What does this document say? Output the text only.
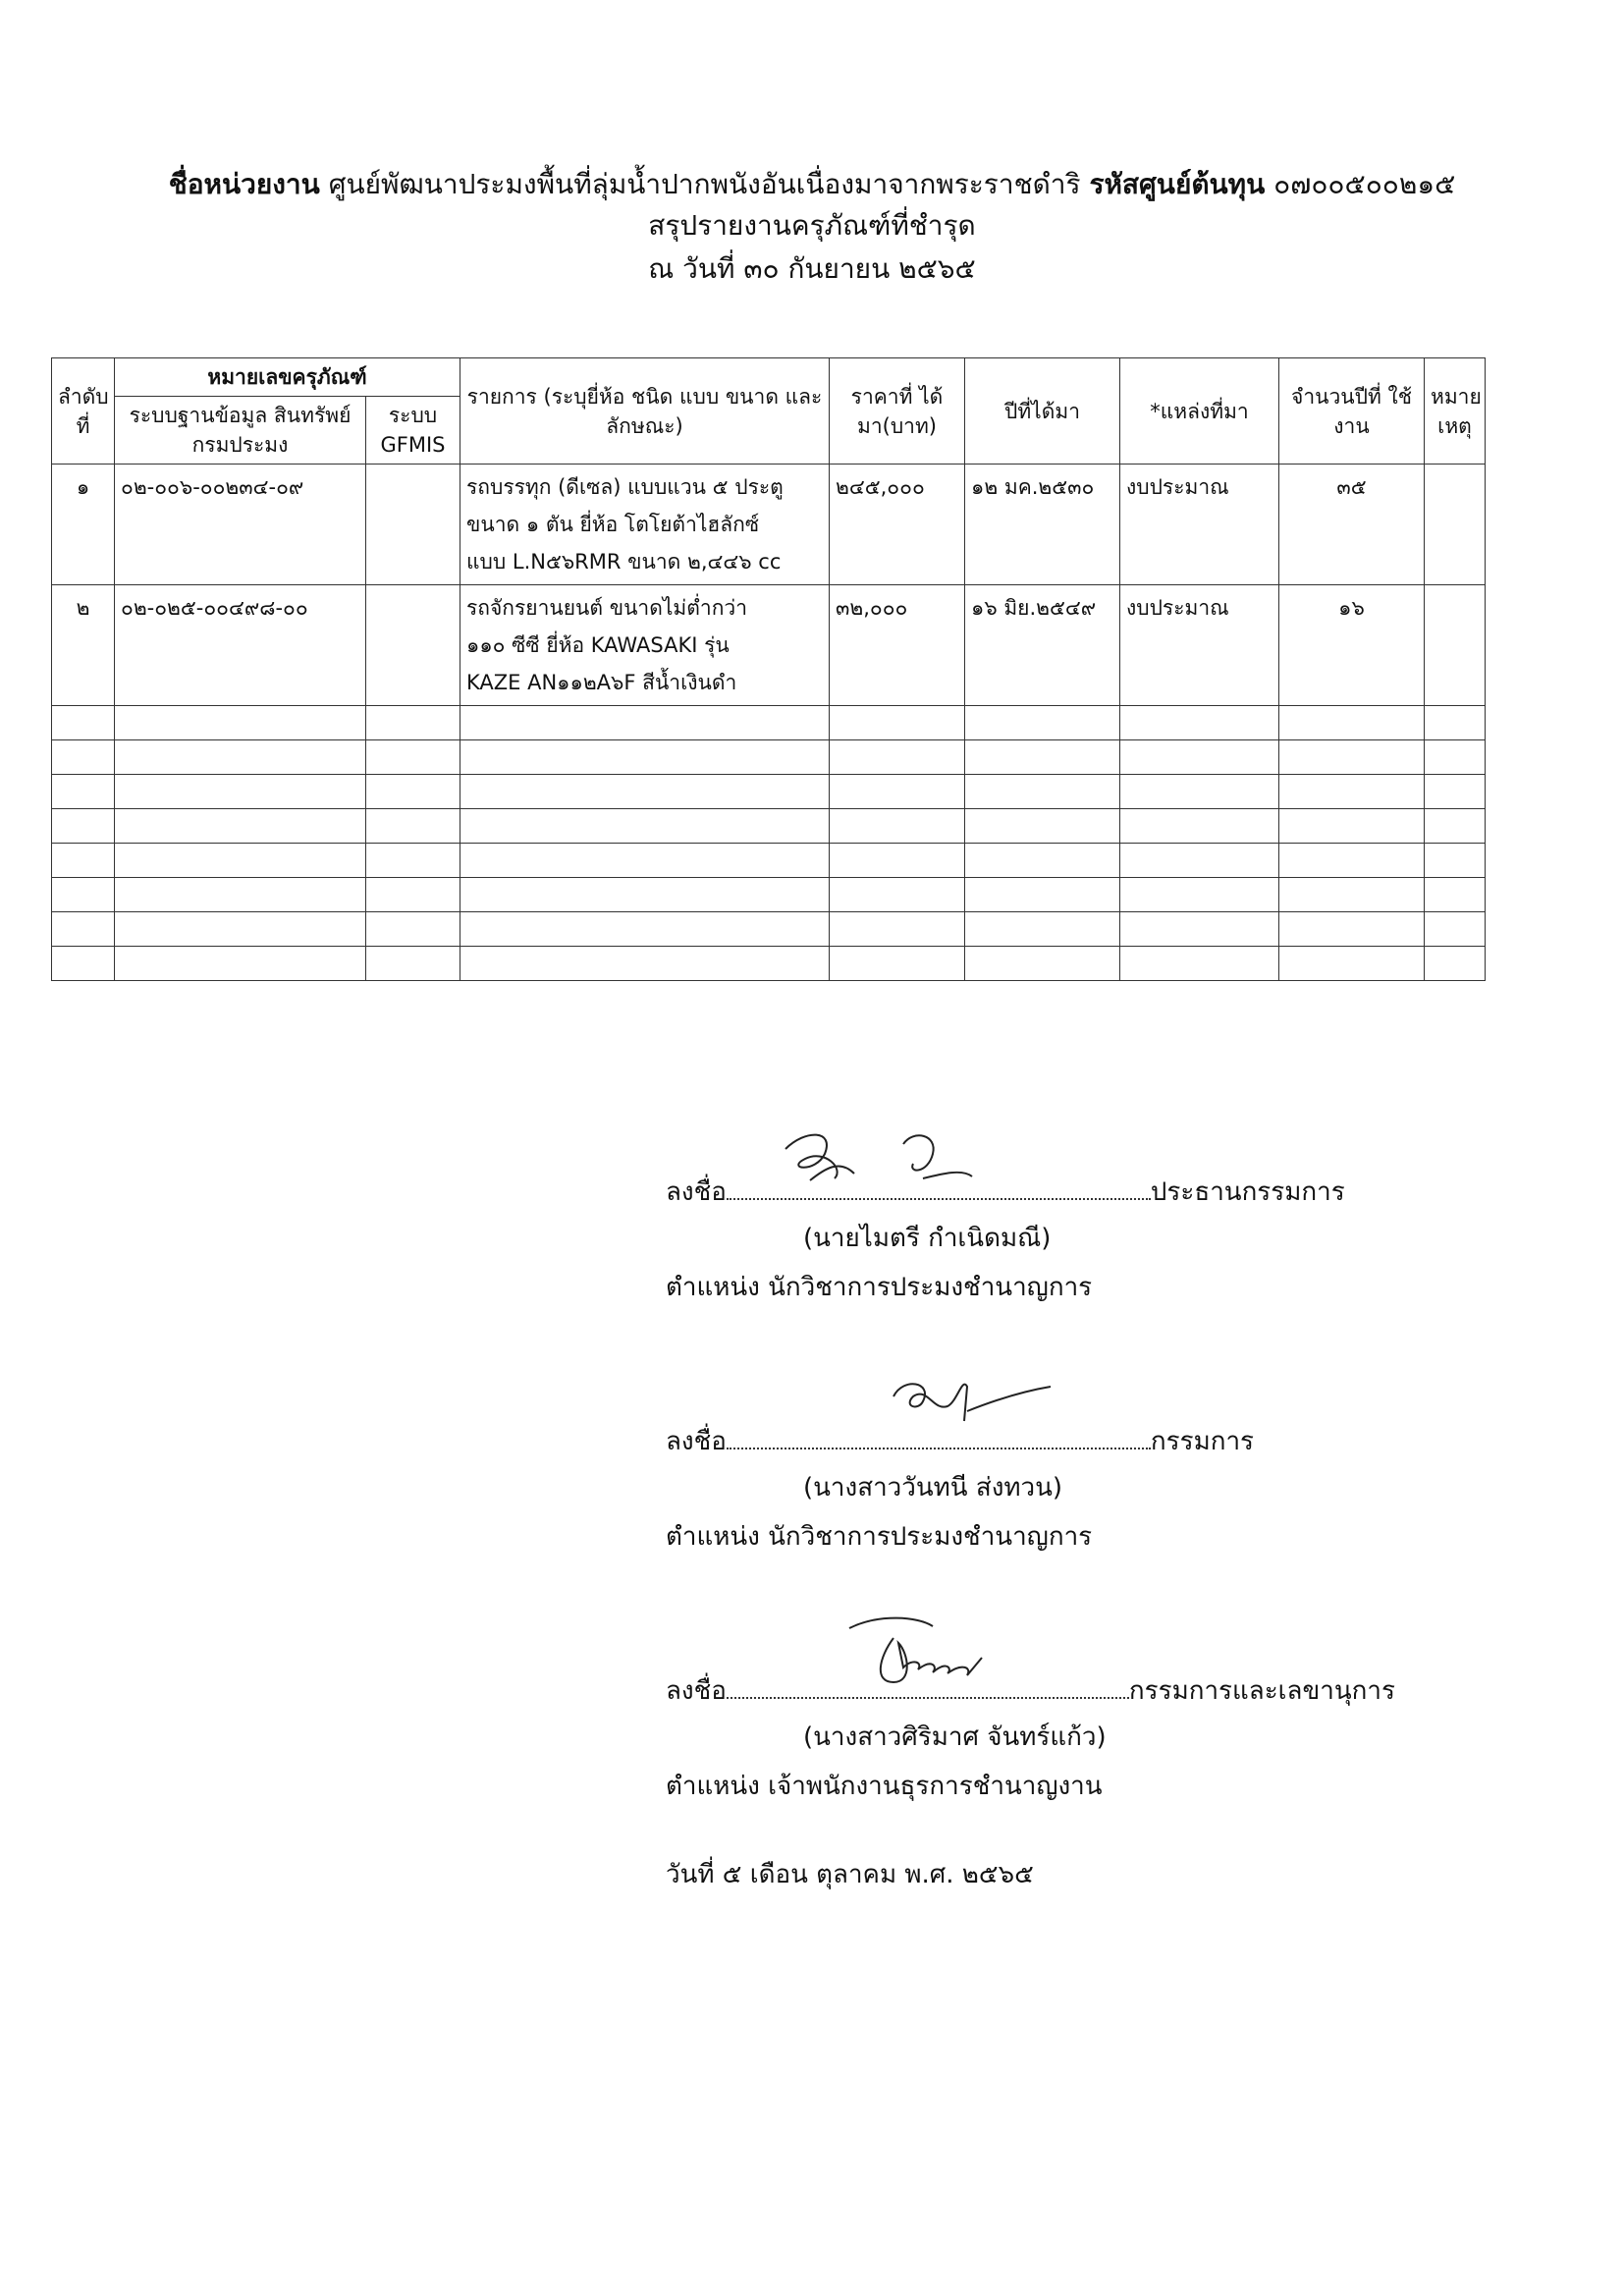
ชื่อหน่วยงาน ศูนย์พัฒนาประมงพื้นที่ลุ่มน้ำปากพนังอันเนื่องมาจากพระราชดำริ รหัสศูนย์ต้นทุน ๐๗๐๐๕๐๐๒๑๕
สรุปรายงานครุภัณฑ์ที่ชำรุด
ณ วันที่ ๓๐ กันยายน ๒๕๖๕
ลำดับ ที่	หมายเลขครุภัณฑ์		รายการ (ระบุยี่ห้อ ชนิด แบบ ขนาด และ ลักษณะ)	ราคาที่ ได้มา(บาท)	ปีที่ได้มา	*แหล่งที่มา	จำนวนปีที่ ใช้งาน	หมาย เหตุ
	ระบบฐานข้อมูล สินทรัพย์กรมประมง	ระบบ GFMIS						
๑	๐๒-๐๐๖-๐๐๒๓๔-๐๙		รถบรรทุก (ดีเซล) แบบแวน ๕ ประตู
ขนาด ๑ ตัน ยี่ห้อ โตโยต้าไฮลักซ์
แบบ L.N๕๖RMR ขนาด ๒,๔๔๖ cc	๒๔๕,๐๐๐	๑๒ มค.๒๕๓๐	งบประมาณ	๓๕	
๒	๐๒-๐๒๕-๐๐๔๙๘-๐๐		รถจักรยานยนต์ ขนาดไม่ต่ำกว่า
๑๑๐ ซีซี ยี่ห้อ KAWASAKI รุ่น
KAZE AN๑๑๒A๖F สีน้ำเงินดำ	๓๒,๐๐๐	๑๖ มิย.๒๕๔๙	งบประมาณ	๑๖	

ลงชื่อ	ประธานกรรมการ
(นายไมตรี กำเนิดมณี)
ตำแหน่ง นักวิชาการประมงชำนาญการ
ลงชื่อ	กรรมการ
(นางสาววันทนี ส่งทวน)
ตำแหน่ง นักวิชาการประมงชำนาญการ
ลงชื่อ	กรรมการและเลขานุการ
(นางสาวศิริมาศ จันทร์แก้ว)
ตำแหน่ง เจ้าพนักงานธุรการชำนาญงาน
วันที่ ๕ เดือน ตุลาคม พ.ศ. ๒๕๖๕
